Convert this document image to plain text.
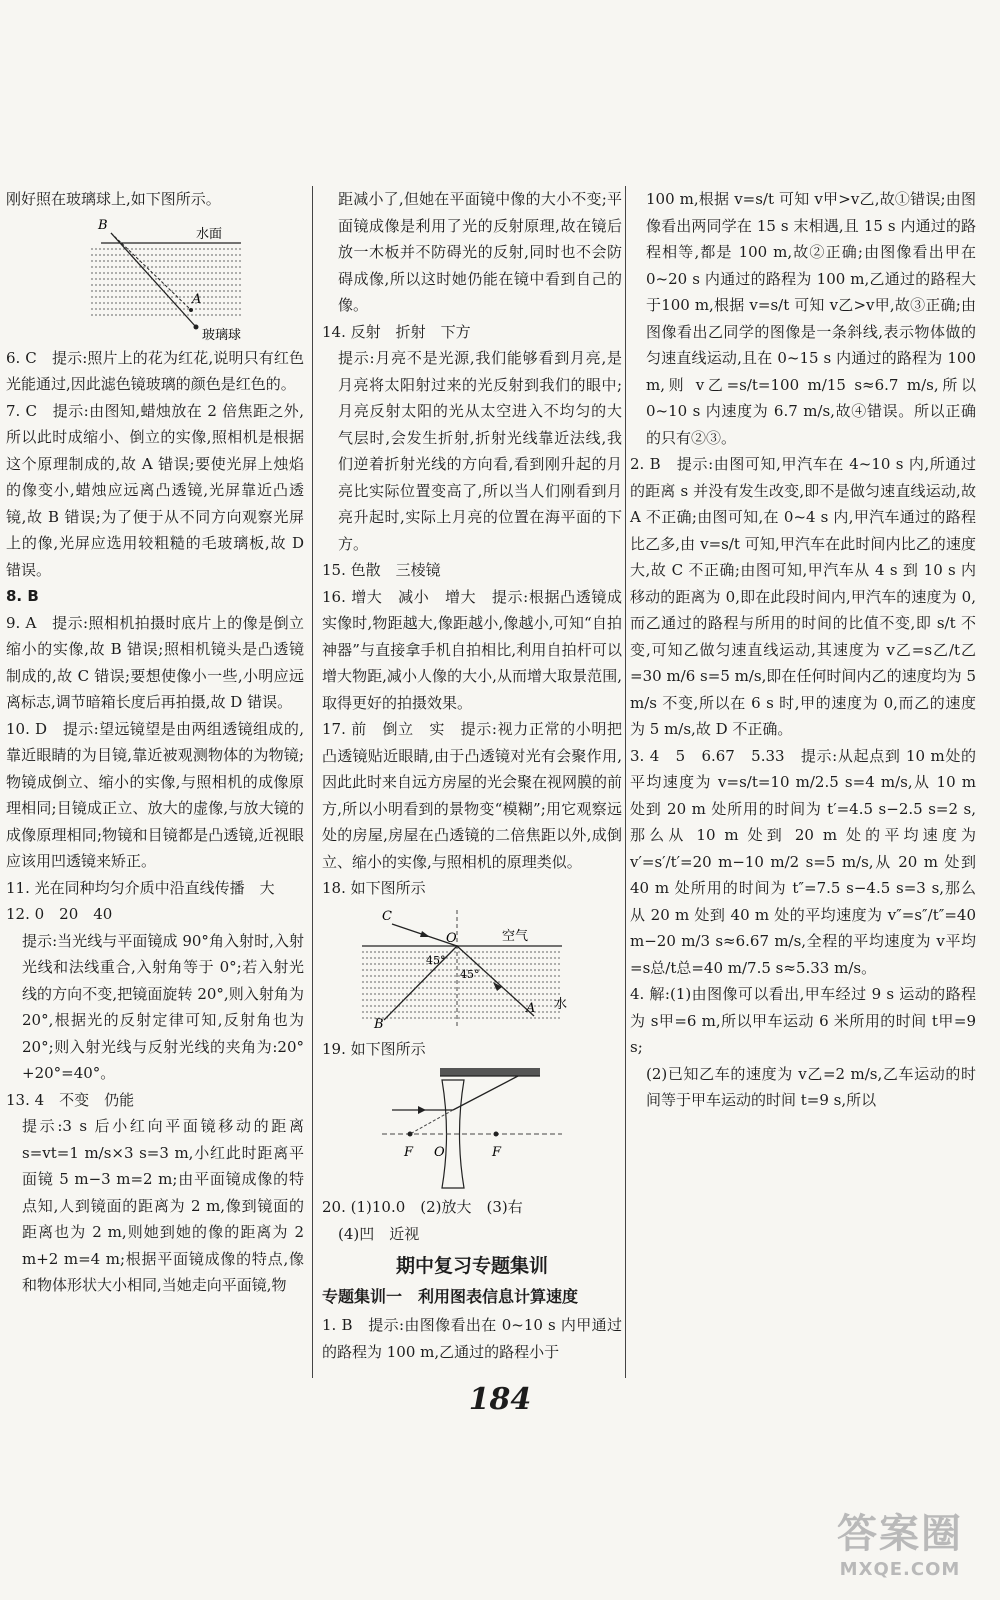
刚好照在玻璃球上,如下图所示。

B
A
水面
玻璃球

6. C　提示:照片上的花为红花,说明只有红色光能通过,因此滤色镜玻璃的颜色是红色的。

7. C　提示:由图知,蜡烛放在 2 倍焦距之外,所以此时成缩小、倒立的实像,照相机是根据这个原理制成的,故 A 错误;要使光屏上烛焰的像变小,蜡烛应远离凸透镜,光屏靠近凸透镜,故 B 错误;为了便于从不同方向观察光屏上的像,光屏应选用较粗糙的毛玻璃板,故 D 错误。

8. B

9. A　提示:照相机拍摄时底片上的像是倒立缩小的实像,故 B 错误;照相机镜头是凸透镜制成的,故 C 错误;要想使像小一些,小明应远离标志,调节暗箱长度后再拍摄,故 D 错误。

10. D　提示:望远镜望是由两组透镜组成的,靠近眼睛的为目镜,靠近被观测物体的为物镜;物镜成倒立、缩小的实像,与照相机的成像原理相同;目镜成正立、放大的虚像,与放大镜的成像原理相同;物镜和目镜都是凸透镜,近视眼应该用凹透镜来矫正。

11. 光在同种均匀介质中沿直线传播　大

12. 0　20　40

提示:当光线与平面镜成 90°角入射时,入射光线和法线重合,入射角等于 0°;若入射光线的方向不变,把镜面旋转 20°,则入射角为 20°,根据光的反射定律可知,反射角也为 20°;则入射光线与反射光线的夹角为:20°+20°=40°。

13. 4　不变　仍能

提示:3 s 后小红向平面镜移动的距离 s=vt=1 m/s×3 s=3 m,小红此时距离平面镜 5 m−3 m=2 m;由平面镜成像的特点知,人到镜面的距离为 2 m,像到镜面的距离也为 2 m,则她到她的像的距离为 2 m+2 m=4 m;根据平面镜成像的特点,像和物体形状大小相同,当她走向平面镜,物

距减小了,但她在平面镜中像的大小不变;平面镜成像是利用了光的反射原理,故在镜后放一木板并不防碍光的反射,同时也不会防碍成像,所以这时她仍能在镜中看到自己的像。

14. 反射　折射　下方

提示:月亮不是光源,我们能够看到月亮,是月亮将太阳射过来的光反射到我们的眼中;月亮反射太阳的光从太空进入不均匀的大气层时,会发生折射,折射光线靠近法线,我们逆着折射光线的方向看,看到刚升起的月亮比实际位置变高了,所以当人们刚看到月亮升起时,实际上月亮的位置在海平面的下方。

15. 色散　三棱镜

16. 增大　减小　增大　提示:根据凸透镜成实像时,物距越大,像距越小,像越小,可知“自拍神器”与直接拿手机自拍相比,利用自拍杆可以增大物距,减小人像的大小,从而增大取景范围,取得更好的拍摄效果。

17. 前　倒立　实　提示:视力正常的小明把凸透镜贴近眼睛,由于凸透镜对光有会聚作用,因此此时来自远方房屋的光会聚在视网膜的前方,所以小明看到的景物变“模糊”;用它观察远处的房屋,房屋在凸透镜的二倍焦距以外,成倒立、缩小的实像,与照相机的原理类似。

18. 如下图所示

C
O
B
A
空气
水
45°
45°

19. 如下图所示

F O	F

20. (1)10.0　(2)放大　(3)右

(4)凹　近视

期中复习专题集训
专题集训一　利用图表信息计算速度

1. B　提示:由图像看出在 0~10 s 内甲通过的路程为 100 m,乙通过的路程小于

100 m,根据 v=s/t 可知 v甲>v乙,故①错误;由图像看出两同学在 15 s 末相遇,且 15 s 内通过的路程相等,都是 100 m,故②正确;由图像看出甲在 0~20 s 内通过的路程为 100 m,乙通过的路程大于100 m,根据 v=s/t 可知 v乙>v甲,故③正确;由图像看出乙同学的图像是一条斜线,表示物体做的匀速直线运动,且在 0~15 s 内通过的路程为 100 m,则 v乙=s/t=100 m/15 s≈6.7 m/s,所以 0~10 s 内速度为 6.7 m/s,故④错误。所以正确的只有②③。

2. B　提示:由图可知,甲汽车在 4~10 s 内,所通过的距离 s 并没有发生改变,即不是做匀速直线运动,故 A 不正确;由图可知,在 0~4 s 内,甲汽车通过的路程比乙多,由 v=s/t 可知,甲汽车在此时间内比乙的速度大,故 C 不正确;由图可知,甲汽车从 4 s 到 10 s 内移动的距离为 0,即在此段时间内,甲汽车的速度为 0,而乙通过的路程与所用的时间的比值不变,即 s/t 不变,可知乙做匀速直线运动,其速度为 v乙=s乙/t乙=30 m/6 s=5 m/s,即在任何时间内乙的速度均为 5 m/s 不变,所以在 6 s 时,甲的速度为 0,而乙的速度为 5 m/s,故 D 不正确。

3. 4　5　6.67　5.33　提示:从起点到 10 m处的平均速度为 v=s/t=10 m/2.5 s=4 m/s,从 10 m 处到 20 m 处所用的时间为 t′=4.5 s−2.5 s=2 s,那么从 10 m 处到 20 m 处的平均速度为 v′=s′/t′=20 m−10 m/2 s=5 m/s,从 20 m 处到 40 m 处所用的时间为 t″=7.5 s−4.5 s=3 s,那么从 20 m 处到 40 m 处的平均速度为 v″=s″/t″=40 m−20 m/3 s≈6.67 m/s,全程的平均速度为 v平均=s总/t总=40 m/7.5 s≈5.33 m/s。

4. 解:(1)由图像可以看出,甲车经过 9 s 运动的路程为 s甲=6 m,所以甲车运动 6 米所用的时间 t甲=9 s;

(2)已知乙车的速度为 v乙=2 m/s,乙车运动的时间等于甲车运动的时间 t=9 s,所以

184
答案圈
MXQE.COM
